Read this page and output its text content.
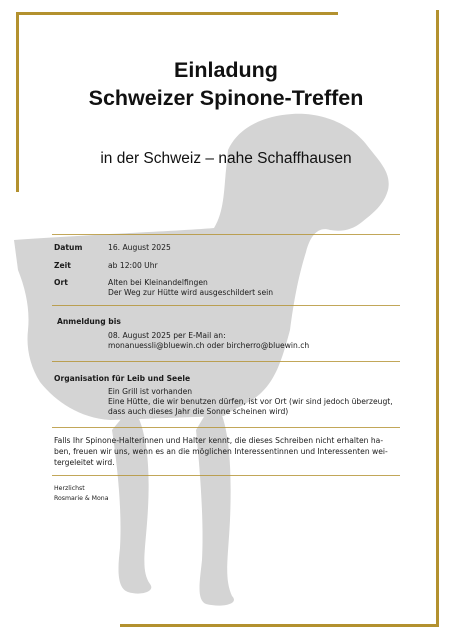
Einladung
Schweizer Spinone-Treffen
in der Schweiz – nahe Schaffhausen
Datum	16. August 2025
Zeit	ab 12:00 Uhr
Ort	Alten bei Kleinandelfingen
Der Weg zur Hütte wird ausgeschildert sein
Anmeldung bis
08. August 2025 per E-Mail an:
monanuessli@bluewin.ch oder bircherro@bluewin.ch
Organisation für Leib und Seele
Ein Grill ist vorhanden
Eine Hütte, die wir benutzen dürfen, ist vor Ort (wir sind jedoch überzeugt,
dass auch dieses Jahr die Sonne scheinen wird)
Falls Ihr Spinone-Halterinnen und Halter kennt, die dieses Schreiben nicht erhalten ha-
ben, freuen wir uns, wenn es an die möglichen Interessentinnen und Interessenten wei-
tergeleitet wird.
Herzlichst
Rosmarie & Mona
